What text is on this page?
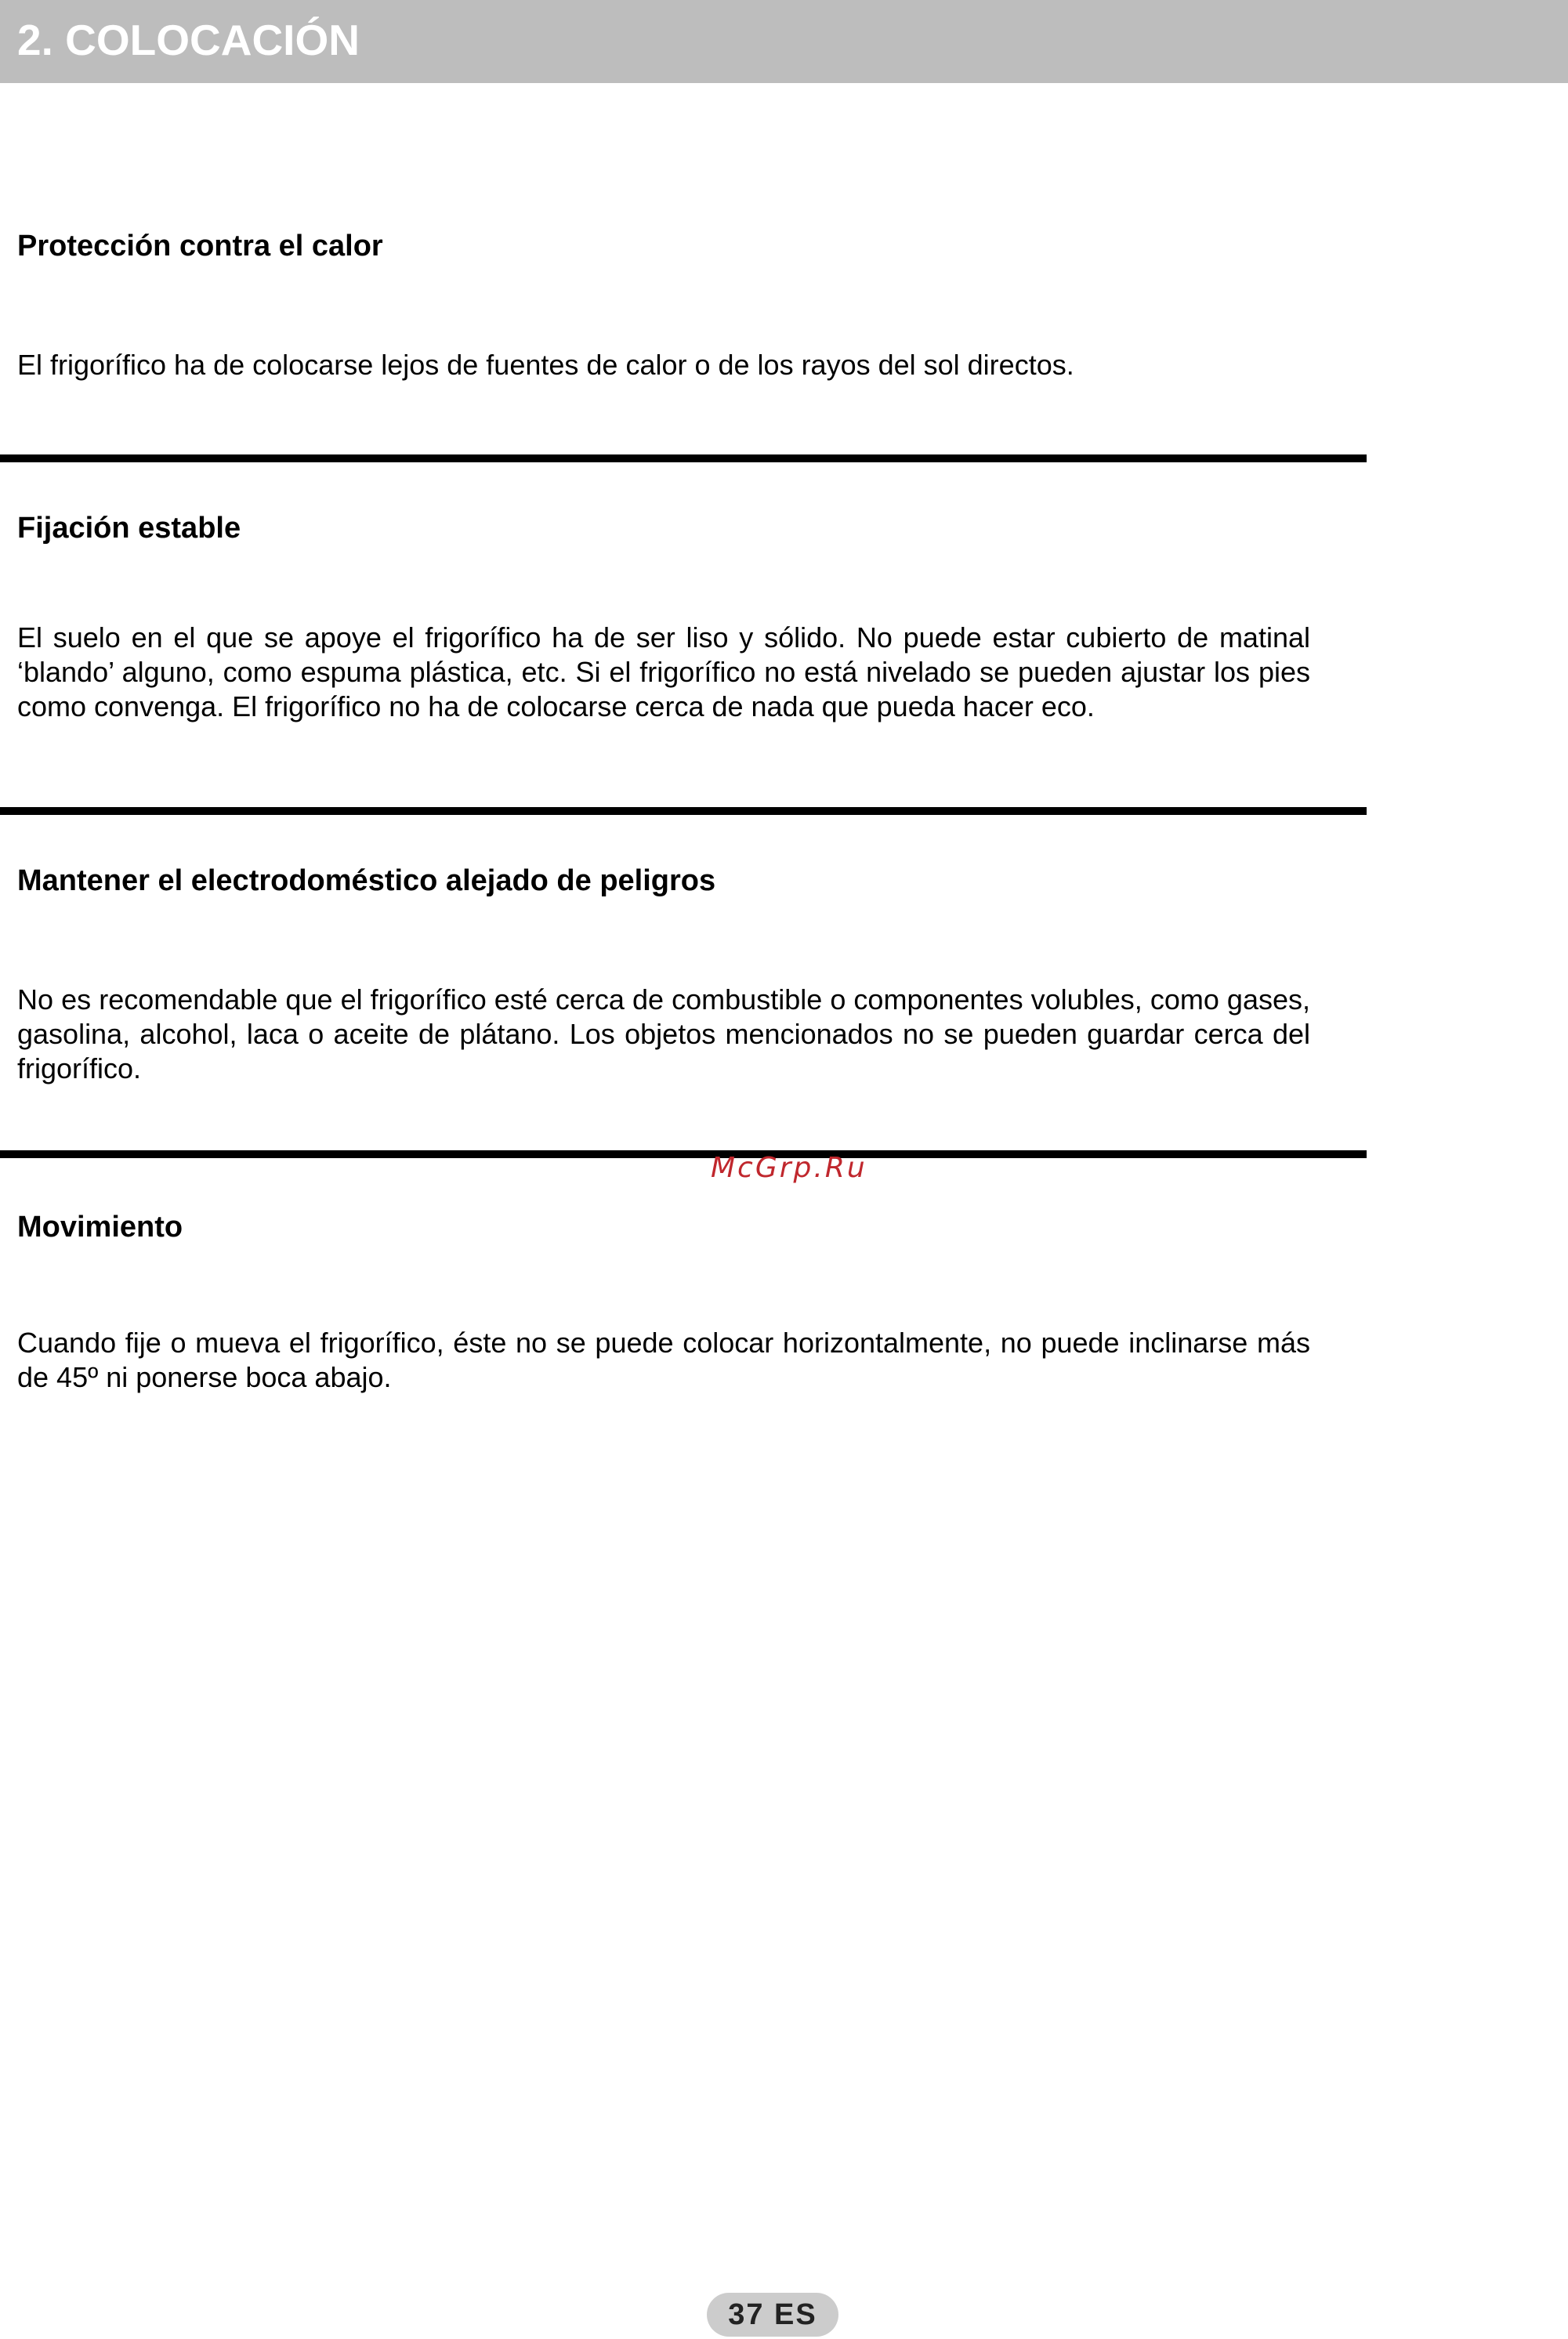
2. COLOCACIÓN
Protección contra el calor
El frigorífico ha de colocarse lejos de fuentes de calor o de los rayos del sol directos.
Fijación estable
El suelo en el que se apoye el frigorífico ha de ser liso y sólido. No puede estar cubierto de matinal ‘blando’ alguno, como espuma plástica, etc. Si el frigorífico no está nivelado se pueden ajustar los pies como convenga. El frigorífico no ha de colocarse cerca de nada que pueda hacer eco.
Mantener el electrodoméstico alejado de peligros
No es recomendable que el frigorífico esté cerca de combustible o componentes volubles, como gases, gasolina, alcohol, laca o aceite de plátano. Los objetos mencionados no se pueden guardar cerca del frigorífico.
McGrp.Ru
Movimiento
Cuando fije o mueva el frigorífico, éste no se puede colocar horizontalmente, no puede inclinarse más de 45º ni ponerse boca abajo.
37 ES
